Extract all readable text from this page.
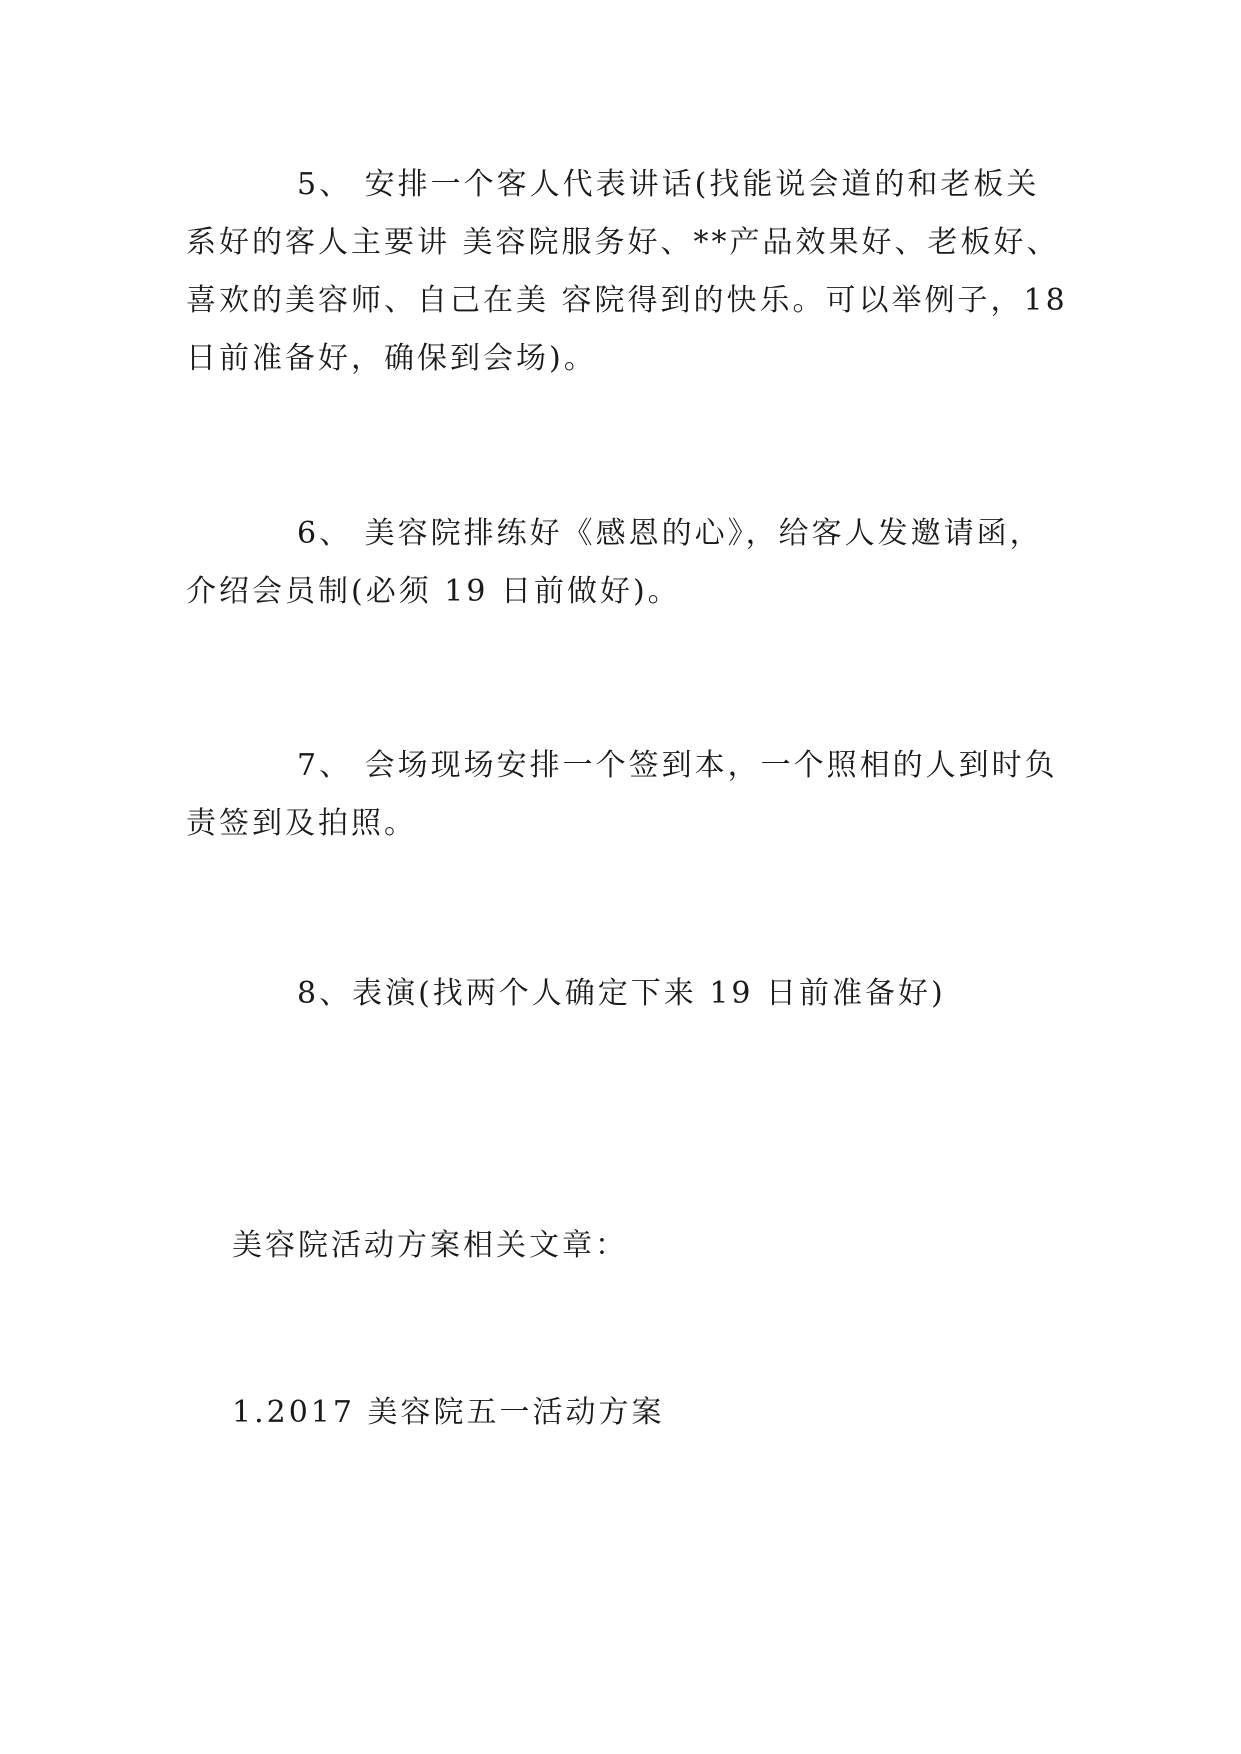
5、 安排一个客人代表讲话(找能说会道的和老板关
系好的客人主要讲 美容院服务好、**产品效果好、老板好、
喜欢的美容师、自己在美 容院得到的快乐。可以举例子，18
日前准备好，确保到会场)。
6、 美容院排练好《感恩的心》，给客人发邀请函，
介绍会员制(必须 19 日前做好)。
7、 会场现场安排一个签到本，一个照相的人到时负
责签到及拍照。
8、表演(找两个人确定下来 19 日前准备好)

美容院活动方案相关文章：

1.2017 美容院五一活动方案
